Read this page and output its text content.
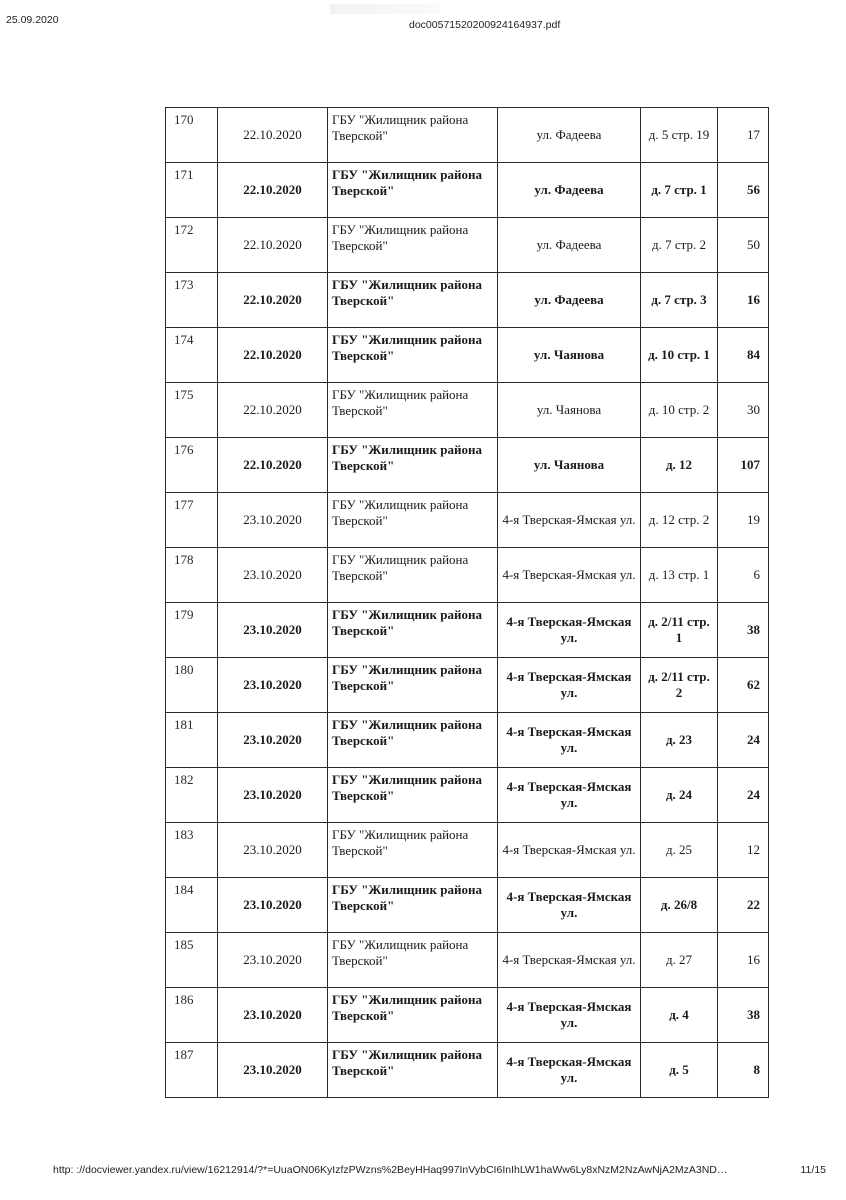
25.09.2020	doc00571520200924164937.pdf
170	22.10.2020	ГБУ "Жилищник района Тверской"	ул. Фадеева	д. 5 стр. 19	17
171	22.10.2020	ГБУ "Жилищник района Тверской"	ул. Фадеева	д. 7 стр. 1	56
172	22.10.2020	ГБУ "Жилищник района Тверской"	ул. Фадеева	д. 7 стр. 2	50
173	22.10.2020	ГБУ "Жилищник района Тверской"	ул. Фадеева	д. 7 стр. 3	16
174	22.10.2020	ГБУ "Жилищник района Тверской"	ул. Чаянова	д. 10 стр. 1	84
175	22.10.2020	ГБУ "Жилищник района Тверской"	ул. Чаянова	д. 10 стр. 2	30
176	22.10.2020	ГБУ "Жилищник района Тверской"	ул. Чаянова	д. 12	107
177	23.10.2020	ГБУ "Жилищник района Тверской"	4-я Тверская-Ямская ул.	д. 12 стр. 2	19
178	23.10.2020	ГБУ "Жилищник района Тверской"	4-я Тверская-Ямская ул.	д. 13 стр. 1	6
179	23.10.2020	ГБУ "Жилищник района Тверской"	4-я Тверская-Ямская ул.	д. 2/11 стр. 1	38
180	23.10.2020	ГБУ "Жилищник района Тверской"	4-я Тверская-Ямская ул.	д. 2/11 стр. 2	62
181	23.10.2020	ГБУ "Жилищник района Тверской"	4-я Тверская-Ямская ул.	д. 23	24
182	23.10.2020	ГБУ "Жилищник района Тверской"	4-я Тверская-Ямская ул.	д. 24	24
183	23.10.2020	ГБУ "Жилищник района Тверской"	4-я Тверская-Ямская ул.	д. 25	12
184	23.10.2020	ГБУ "Жилищник района Тверской"	4-я Тверская-Ямская ул.	д. 26/8	22
185	23.10.2020	ГБУ "Жилищник района Тверской"	4-я Тверская-Ямская ул.	д. 27	16
186	23.10.2020	ГБУ "Жилищник района Тверской"	4-я Тверская-Ямская ул.	д. 4	38
187	23.10.2020	ГБУ "Жилищник района Тверской"	4-я Тверская-Ямская ул.	д. 5	8
http: ://docviewer.yandex.ru/view/16212914/?*=UuaON06KyIzfzPWzns%2BeyHHaq997InVybCI6InIhLW1haWw6Ly8xNzM2NzAwNjA2MzA3ND…	11/15
